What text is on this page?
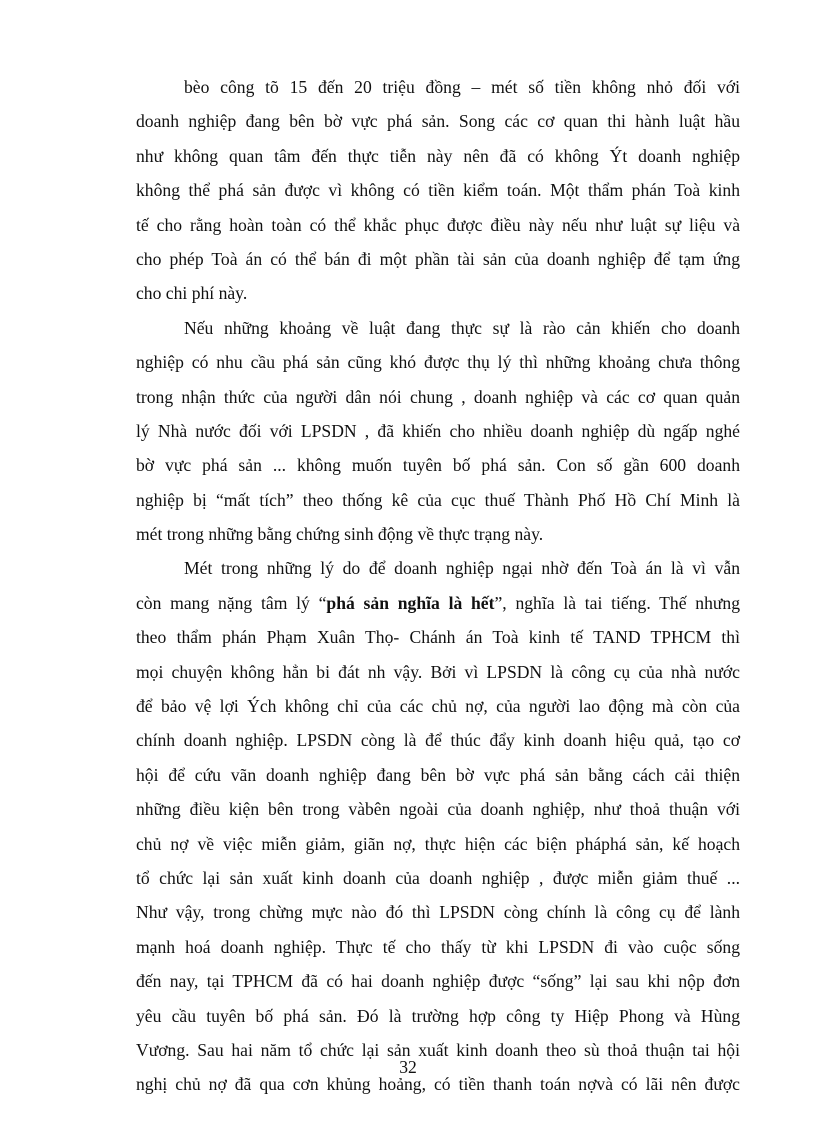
bèo công tõ 15 đến 20 triệu đồng – mét số tiền không nhỏ đối với
doanh nghiệp đang bên bờ vực phá sản. Song các cơ quan thi hành luật hầu
như không quan tâm đến thực tiễn này nên đã có không Ýt doanh nghiệp
không thể phá sản được vì không có tiền kiểm toán. Một thẩm phán Toà kinh
tế cho rằng hoàn toàn có thể khắc phục được điều này nếu như luật sự liệu và
cho phép Toà án có thể bán đi một phần tài sản của doanh nghiệp để tạm ứng
cho chi phí này.
Nếu những khoảng về luật đang thực sự là rào cản khiến cho doanh
nghiệp có nhu cầu phá sản cũng khó được thụ lý thì những khoảng chưa thông
trong nhận thức của người dân nói chung , doanh nghiệp và các cơ quan quản
lý Nhà nước đối với LPSDN , đã khiến cho nhiều doanh nghiệp dù ngấp nghé
bờ vực phá sản ... không muốn tuyên bố phá sản. Con số gần 600 doanh
nghiệp bị “mất tích” theo thống kê của cục thuế Thành Phố Hồ Chí Minh là
mét trong những bằng chứng sinh động về thực trạng này.
Mét trong những lý do để doanh nghiệp ngại nhờ đến Toà án là vì vẫn
còn mang nặng tâm lý “phá sản nghĩa là hết”, nghĩa là tai tiếng. Thế nhưng
theo thẩm phán Phạm Xuân Thọ- Chánh án Toà kinh tế TAND TPHCM thì
mọi chuyện không hẳn bi đát nh vậy. Bởi vì LPSDN là công cụ của nhà nước
để bảo vệ lợi Ých không chỉ của các chủ nợ, của người lao động mà còn của
chính doanh nghiệp. LPSDN còng là để thúc đẩy kinh doanh hiệu quả, tạo cơ
hội để cứu vãn doanh nghiệp đang bên bờ vực phá sản bằng cách cải thiện
những điều kiện bên trong vàbên ngoài của doanh nghiệp, như thoả thuận với
chủ nợ về việc miễn giảm, giãn nợ, thực hiện các biện pháphá sản, kế hoạch
tổ chức lại sản xuất kinh doanh của doanh nghiệp , được miễn giảm thuế ...
Như vậy, trong chừng mực nào đó thì LPSDN còng chính là công cụ để lành
mạnh hoá doanh nghiệp. Thực tế cho thấy từ khi LPSDN đi vào cuộc sống
đến nay, tại TPHCM đã có hai doanh nghiệp được “sống” lại sau khi nộp đơn
yêu cầu tuyên bố phá sản. Đó là trường hợp công ty Hiệp Phong và Hùng
Vương. Sau hai năm tổ chức lại sản xuất kinh doanh theo sù thoả thuận tai hội
nghị chủ nợ đã qua cơn khủng hoảng, có tiền thanh toán nợvà có lãi nên được
32
